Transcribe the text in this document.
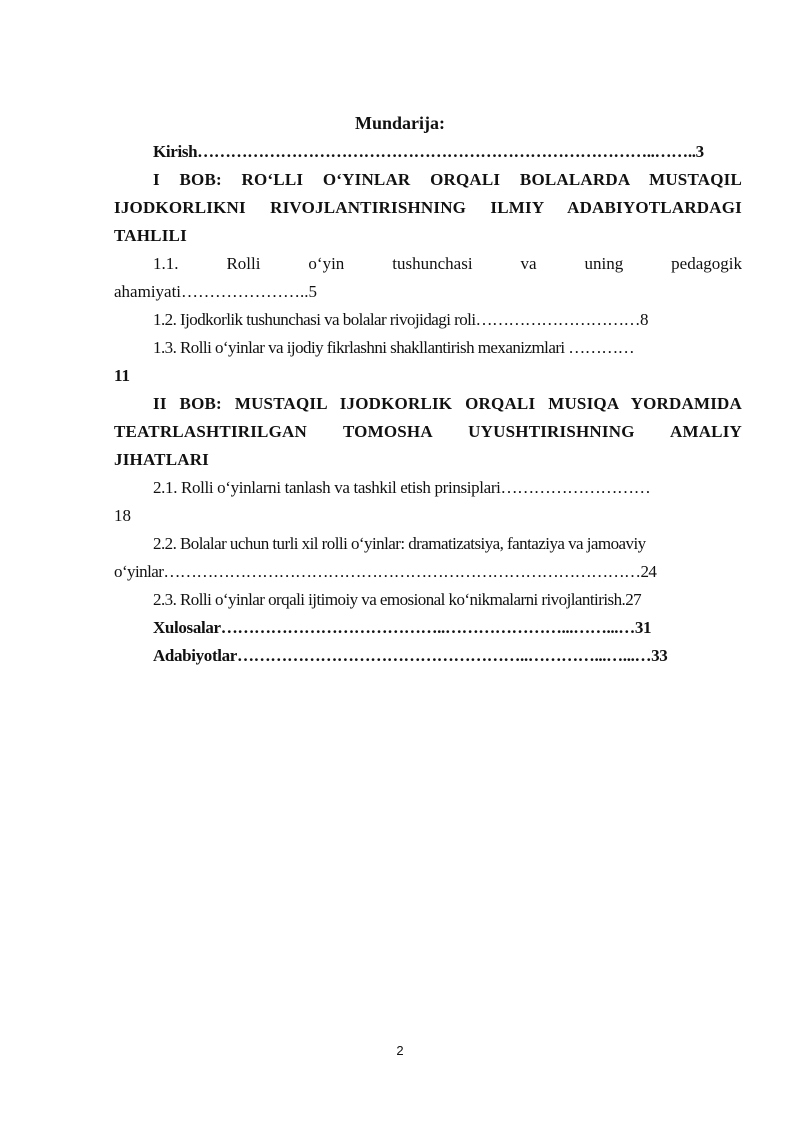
Mundarija:
Kirish………………………………………………………………………..……..3
I BOB: RO‘LLI O‘YINLAR ORQALI BOLALARDA MUSTAQIL
IJODKORLIKNI RIVOJLANTIRISHNING ILMIY ADABIYOTLARDAGI
TAHLILI
1.1. Rolli o‘yin tushunchasi va uning pedagogik
ahamiyati…………………..5
1.2. Ijodkorlik tushunchasi va bolalar rivojidagi roli…………………………8
1.3. Rolli o‘yinlar va ijodiy fikrlashni shakllantirish mexanizmlari …………
11
II BOB: MUSTAQIL IJODKORLIK ORQALI MUSIQA YORDAMIDA
TEATRLASHTIRILGAN TOMOSHA UYUSHTIRISHNING AMALIY
JIHATLARI
2.1. Rolli o‘yinlarni tanlash va tashkil etish prinsiplari………………………
18
2.2. Bolalar uchun turli xil rolli o‘yinlar: dramatizatsiya, fantaziya va jamoaviy
o‘yinlar……………………………………………………………………………24
2.3. Rolli o‘yinlar orqali ijtimoiy va emosional ko‘nikmalarni rivojlantirish.27
Xulosalar…………………………………..…………………...……...…31
Adabiyotlar……………………………………………..…………...…...…33
2
